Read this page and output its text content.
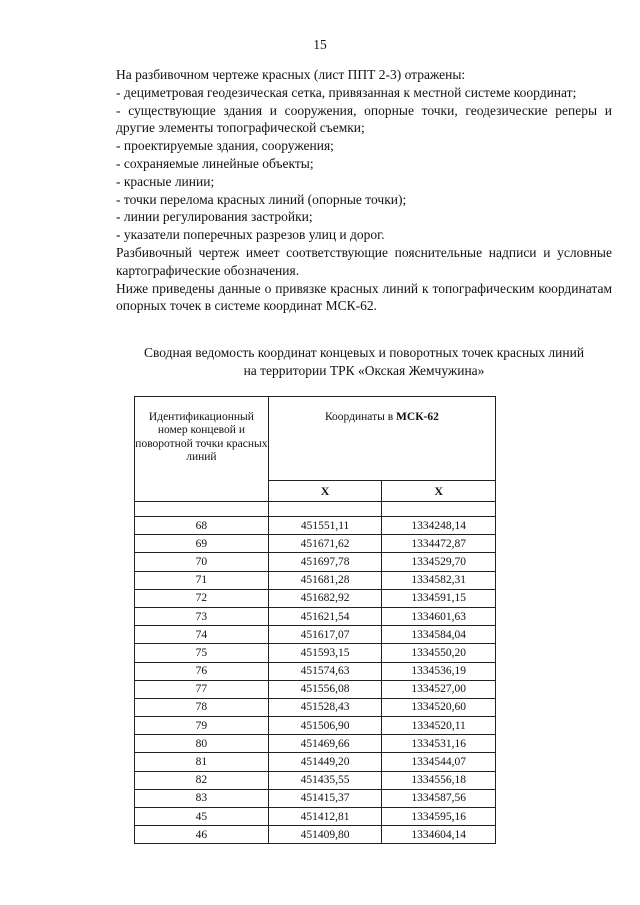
15

На разбивочном чертеже красных (лист ППТ 2-3) отражены:

- дециметровая геодезическая сетка, привязанная к местной системе координат;

- существующие здания и сооружения, опорные точки, геодезические реперы и другие элементы топографической съемки;

- проектируемые здания, сооружения;

- сохраняемые линейные объекты;

- красные линии;

- точки перелома красных линий (опорные точки);

- линии регулирования застройки;

- указатели поперечных разрезов улиц и дорог.

Разбивочный чертеж имеет соответствующие пояснительные надписи и условные картографические обозначения.

Ниже приведены данные о привязке красных линий к топографическим координатам опорных точек в системе координат МСК-62.

Сводная ведомость координат концевых и поворотных точек красных линий
на территории ТРК «Окская Жемчужина»
Идентификационный номер концевой и поворотной точки красных линий	Координаты в МСК-62	
	Х	Х

68	451551,11	1334248,14
69	451671,62	1334472,87
70	451697,78	1334529,70
71	451681,28	1334582,31
72	451682,92	1334591,15
73	451621,54	1334601,63
74	451617,07	1334584,04
75	451593,15	1334550,20
76	451574,63	1334536,19
77	451556,08	1334527,00
78	451528,43	1334520,60
79	451506,90	1334520,11
80	451469,66	1334531,16
81	451449,20	1334544,07
82	451435,55	1334556,18
83	451415,37	1334587,56
45	451412,81	1334595,16
46	451409,80	1334604,14
